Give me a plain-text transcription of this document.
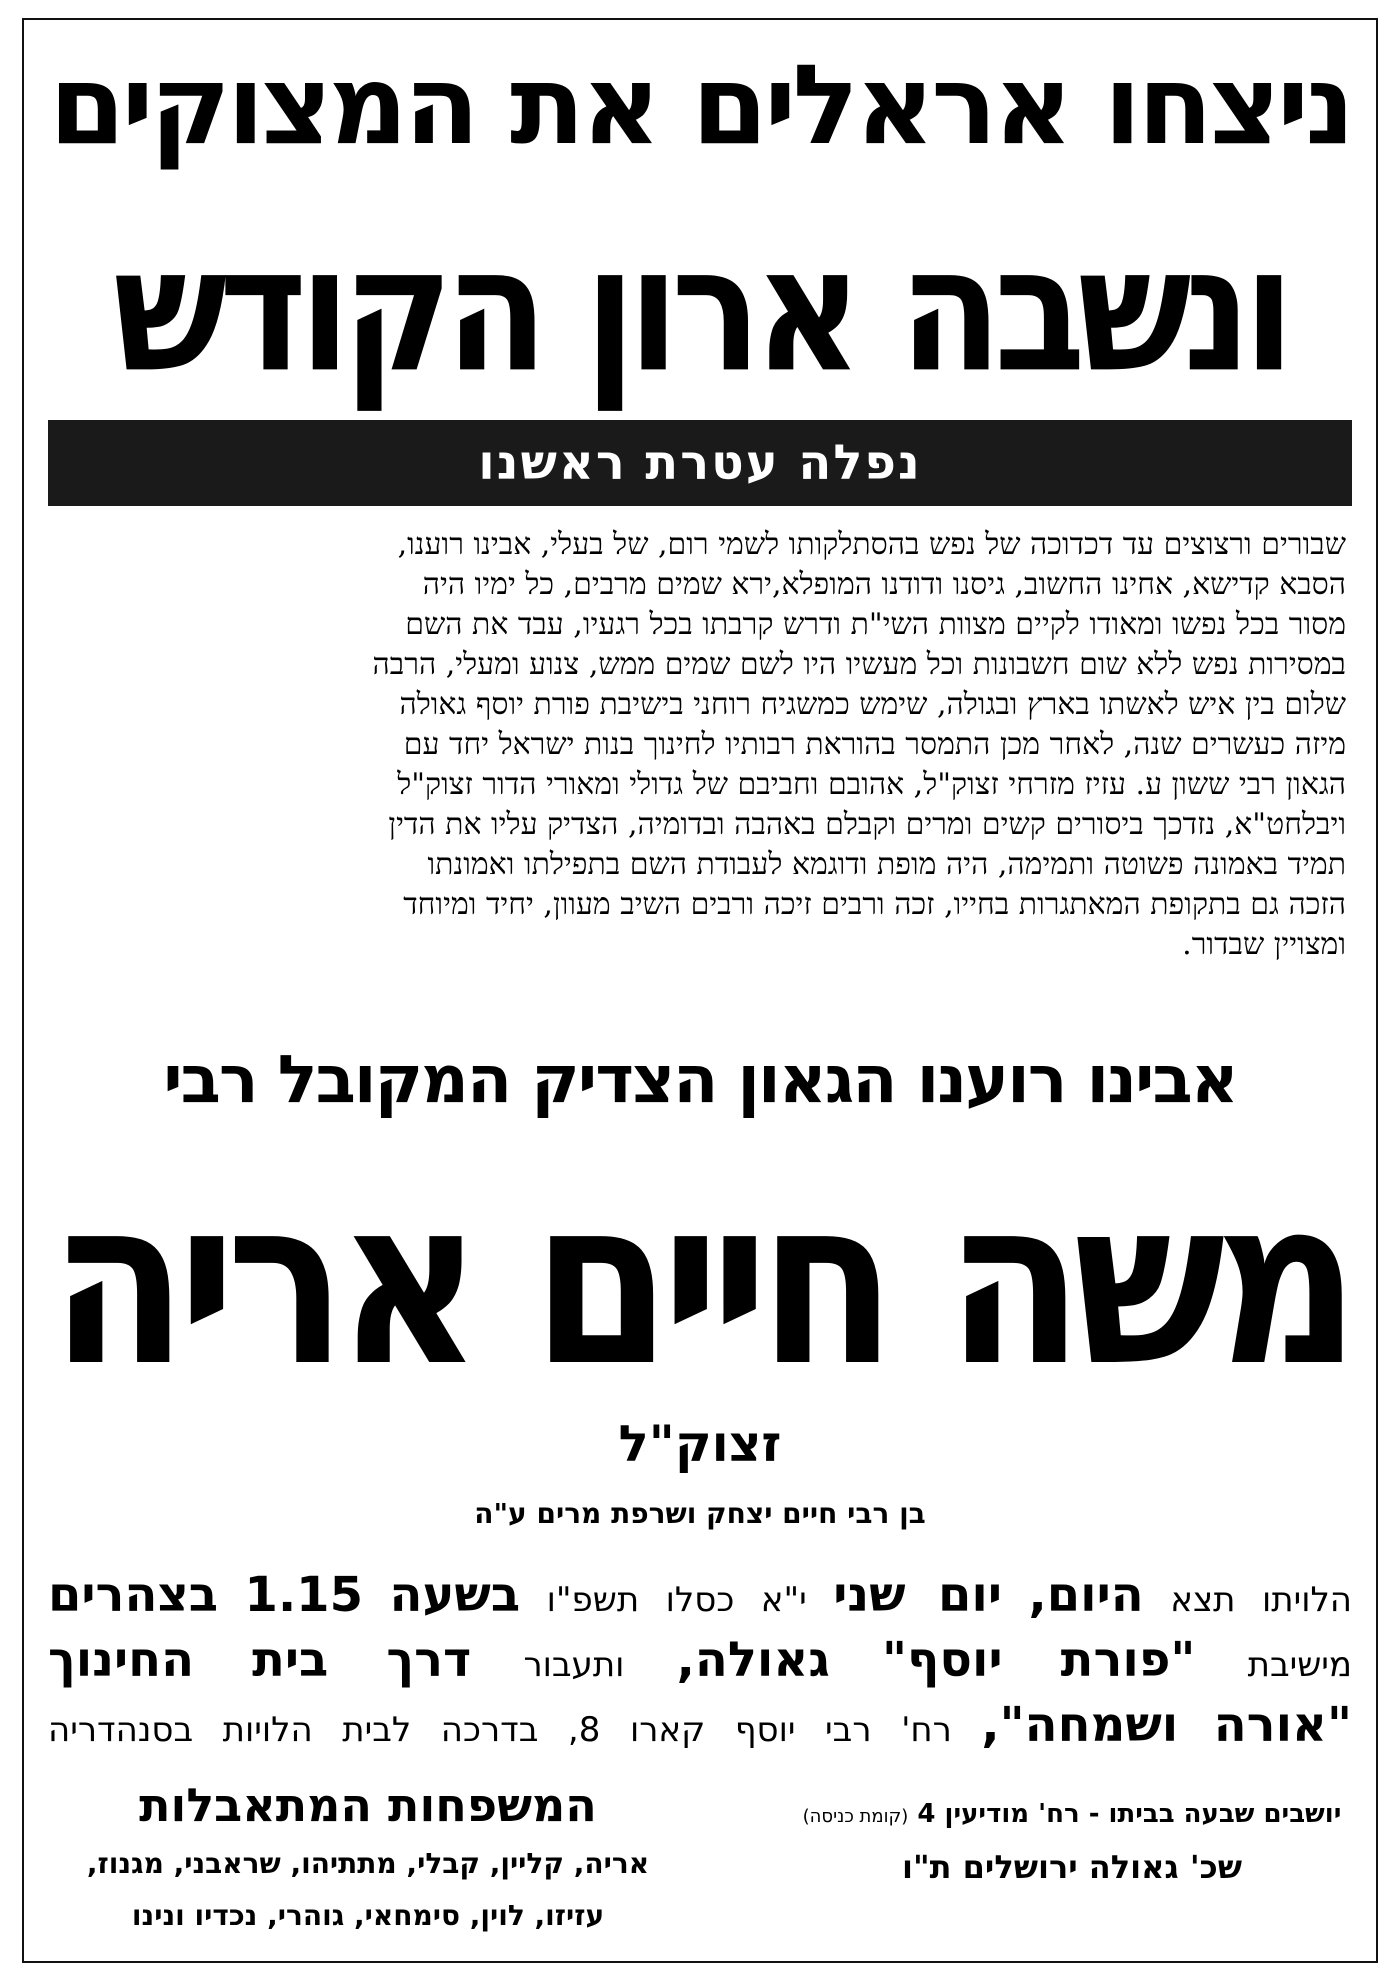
ניצחו אראלים את המצוקים
ונשבה ארון הקודש
נפלה עטרת ראשנו
שבורים ורצוצים עד דכדוכה של נפש בהסתלקותו לשמי רום, של בעלי, אבינו רוענו,
הסבא קדישא, אחינו החשוב, גיסנו ודודנו המופלא,ירא שמים מרבים, כל ימיו היה
מסור בכל נפשו ומאודו לקיים מצוות השי"ת ודרש קרבתו בכל רגעיו, עבד את השם
במסירות נפש ללא שום חשבונות וכל מעשיו היו לשם שמים ממש, צנוע ומעלי, הרבה
שלום בין איש לאשתו בארץ ובגולה, שימש כמשגיח רוחני בישיבת פורת יוסף גאולה
מיזה כעשרים שנה, לאחר מכן התמסר בהוראת רבותיו לחינוך בנות ישראל יחד עם
הגאון רבי ששון ע. עזיז מזרחי זצוק"ל, אהובם וחביבם של גדולי ומאורי הדור זצוק"ל
ויבלחט"א, נזדכך ביסורים קשים ומרים וקבלם באהבה ובדומיה, הצדיק עליו את הדין
תמיד באמונה פשוטה ותמימה, היה מופת ודוגמא לעבודת השם בתפילתו ואמונתו
הזכה גם בתקופת המאתגרות בחייו, זכה ורבים זיכה ורבים השיב מעוון, יחיד ומיוחד
ומצויין שבדור.
אבינו רוענו הגאון הצדיק המקובל רבי
משה חיים אריה
זצוק"ל
בן רבי חיים יצחק ושרפת מרים ע"ה
הלויתו תצא היום, יום שני י"א כסלו תשפ"ו בשעה 1.15 בצהרים
מישיבת "פורת יוסף" גאולה, ותעבור דרך בית החינוך
"אורה ושמחה", רח' רבי יוסף קארו 8, בדרכה לבית הלויות בסנהדריה
יושבים שבעה בביתו - רח' מודיעין 4 (קומת כניסה)
שכ' גאולה ירושלים ת"ו
המשפחות המתאבלות
אריה, קליין, קבלי, מתתיהו, שראבני, מגנוז,
עזיזו, לוין, סימחאי, גוהרי, נכדיו ונינו
